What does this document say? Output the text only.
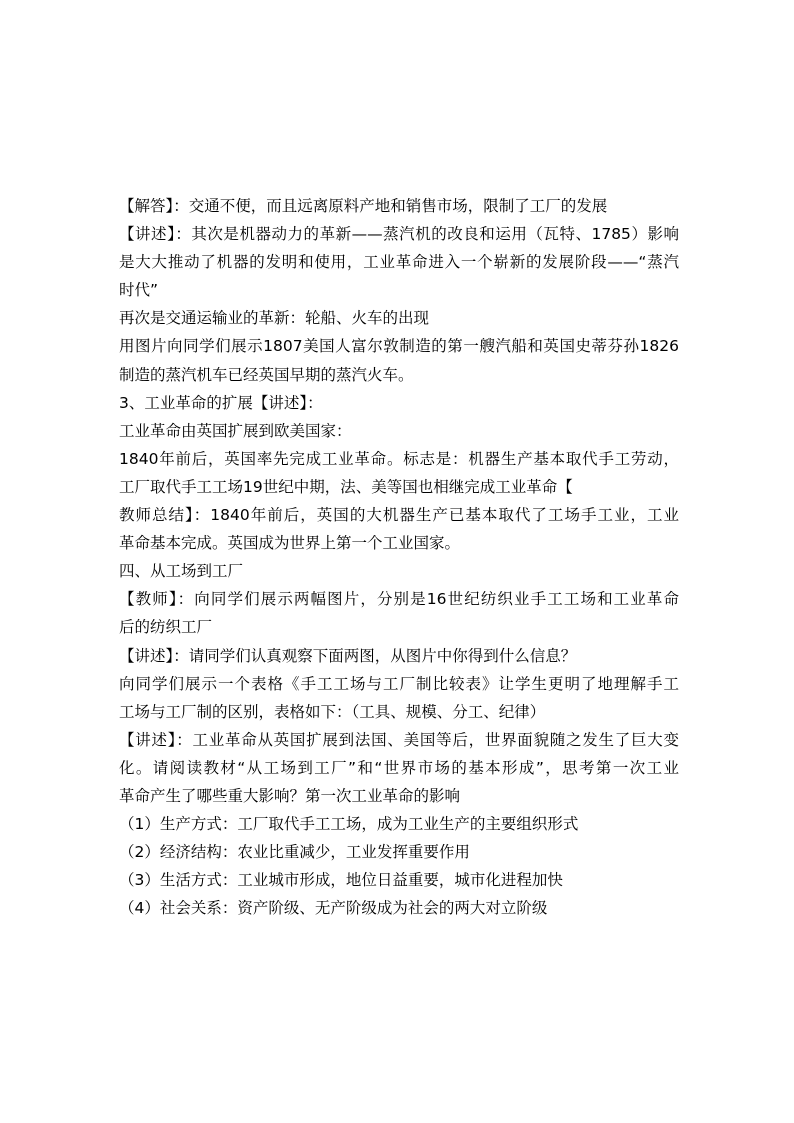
【解答】：交通不便，而且远离原料产地和销售市场，限制了工厂的发展
【讲述】：其次是机器动力的革新——蒸汽机的改良和运用（瓦特、1785）影响
是大大推动了机器的发明和使用，工业革命进入一个崭新的发展阶段——“蒸汽
时代”
再次是交通运输业的革新：轮船、火车的出现
用图片向同学们展示1807美国人富尔敦制造的第一艘汽船和英国史蒂芬孙1826
制造的蒸汽机车已经英国早期的蒸汽火车。
3、工业革命的扩展【讲述】：
工业革命由英国扩展到欧美国家：
1840年前后，英国率先完成工业革命。标志是：机器生产基本取代手工劳动，
工厂取代手工工场19世纪中期，法、美等国也相继完成工业革命【
教师总结】：1840年前后，英国的大机器生产已基本取代了工场手工业，工业
革命基本完成。英国成为世界上第一个工业国家。
四、从工场到工厂
【教师】：向同学们展示两幅图片，分别是16世纪纺织业手工工场和工业革命
后的纺织工厂
【讲述】：请同学们认真观察下面两图，从图片中你得到什么信息？
向同学们展示一个表格《手工工场与工厂制比较表》让学生更明了地理解手工
工场与工厂制的区别，表格如下：（工具、规模、分工、纪律）
【讲述】：工业革命从英国扩展到法国、美国等后，世界面貌随之发生了巨大变
化。请阅读教材“从工场到工厂”和“世界市场的基本形成”，思考第一次工业
革命产生了哪些重大影响？第一次工业革命的影响
（1）生产方式：工厂取代手工工场，成为工业生产的主要组织形式
（2）经济结构：农业比重减少，工业发挥重要作用
（3）生活方式：工业城市形成，地位日益重要，城市化进程加快
（4）社会关系：资产阶级、无产阶级成为社会的两大对立阶级
